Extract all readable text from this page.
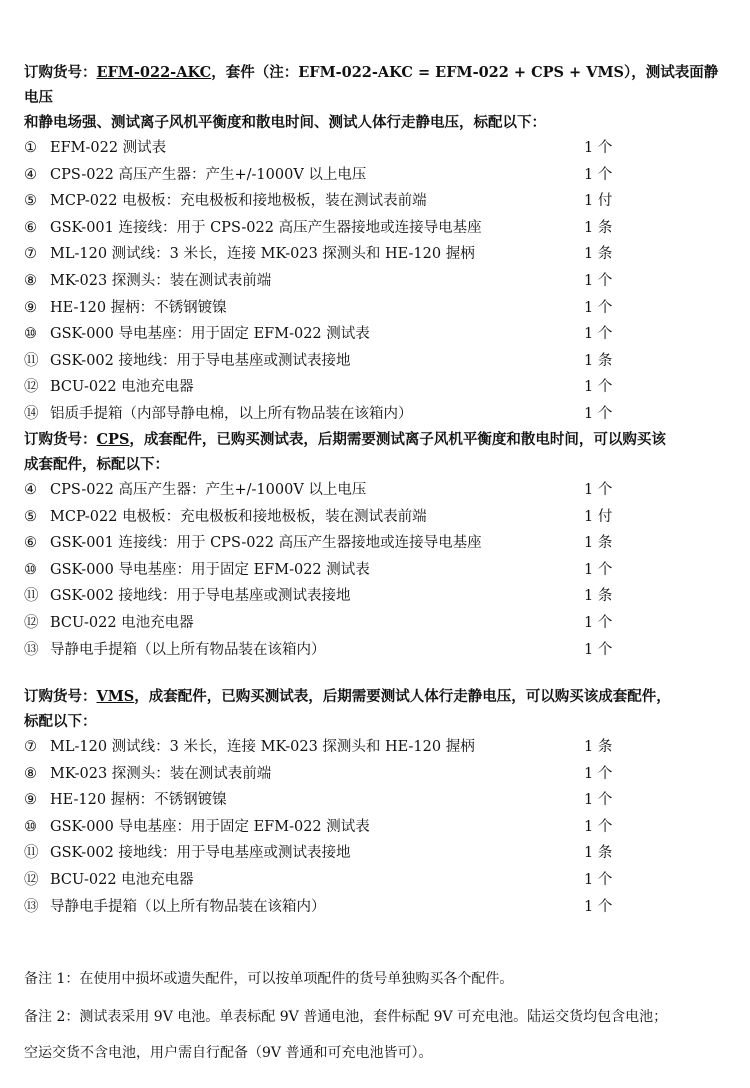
订购货号：EFM-022-AKC，套件（注：EFM-022-AKC = EFM-022 + CPS + VMS），测试表面静电压

和静电场强、测试离子风机平衡度和散电时间、测试人体行走静电压，标配以下：

① EFM-022 测试表	1 个
④ CPS-022 高压产生器：产生+/-1000V 以上电压	1 个
⑤ MCP-022 电极板：充电极板和接地极板，装在测试表前端	1 付
⑥ GSK-001 连接线：用于 CPS-022 高压产生器接地或连接导电基座	1 条
⑦ ML-120 测试线：3 米长，连接 MK-023 探测头和 HE-120 握柄	1 条
⑧ MK-023 探测头：装在测试表前端	1 个
⑨ HE-120 握柄：不锈钢镀镍	1 个
⑩ GSK-000 导电基座：用于固定 EFM-022 测试表	1 个
⑪ GSK-002 接地线：用于导电基座或测试表接地	1 条
⑫ BCU-022 电池充电器	1 个
⑭ 铝质手提箱（内部导静电棉，以上所有物品装在该箱内）	1 个

订购货号：CPS，成套配件，已购买测试表，后期需要测试离子风机平衡度和散电时间，可以购买该

成套配件，标配以下：

④ CPS-022 高压产生器：产生+/-1000V 以上电压	1 个
⑤ MCP-022 电极板：充电极板和接地极板，装在测试表前端	1 付
⑥ GSK-001 连接线：用于 CPS-022 高压产生器接地或连接导电基座	1 条
⑩ GSK-000 导电基座：用于固定 EFM-022 测试表	1 个
⑪ GSK-002 接地线：用于导电基座或测试表接地	1 条
⑫ BCU-022 电池充电器	1 个
⑬ 导静电手提箱（以上所有物品装在该箱内）	1 个

订购货号：VMS，成套配件，已购买测试表，后期需要测试人体行走静电压，可以购买该成套配件，

标配以下：

⑦ ML-120 测试线：3 米长，连接 MK-023 探测头和 HE-120 握柄	1 条
⑧ MK-023 探测头：装在测试表前端	1 个
⑨ HE-120 握柄：不锈钢镀镍	1 个
⑩ GSK-000 导电基座：用于固定 EFM-022 测试表	1 个
⑪ GSK-002 接地线：用于导电基座或测试表接地	1 条
⑫ BCU-022 电池充电器	1 个
⑬ 导静电手提箱（以上所有物品装在该箱内）	1 个

备注 1：在使用中损坏或遗失配件，可以按单项配件的货号单独购买各个配件。

备注 2：测试表采用 9V 电池。单表标配 9V 普通电池，套件标配 9V 可充电池。陆运交货均包含电池；

空运交货不含电池，用户需自行配备（9V 普通和可充电池皆可）。
